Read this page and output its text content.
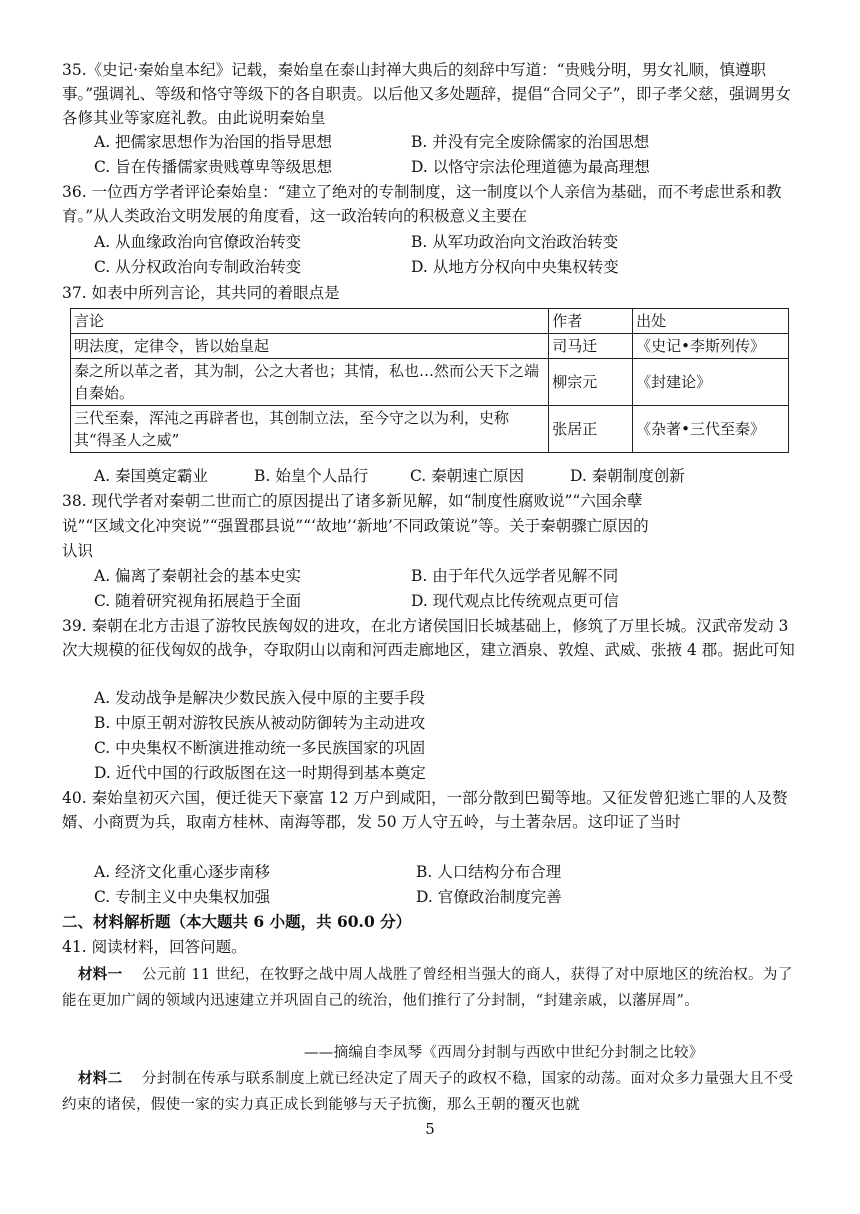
35.《史记·秦始皇本纪》记载，秦始皇在泰山封禅大典后的刻辞中写道：“贵贱分明，男女礼顺，慎遵职事。”强调礼、等级和恪守等级下的各自职责。以后他又多处题辞，提倡“合同父子”，即子孝父慈，强调男女各修其业等家庭礼教。由此说明秦始皇
A. 把儒家思想作为治国的指导思想	B. 并没有完全废除儒家的治国思想
C. 旨在传播儒家贵贱尊卑等级思想	D. 以恪守宗法伦理道德为最高理想
36. 一位西方学者评论秦始皇：“建立了绝对的专制制度，这一制度以个人亲信为基础，而不考虑世系和教育。”从人类政治文明发展的角度看，这一政治转向的积极意义主要在
A. 从血缘政治向官僚政治转变	B. 从军功政治向文治政治转变
C. 从分权政治向专制政治转变	D. 从地方分权向中央集权转变
37. 如表中所列言论，其共同的着眼点是
言论	作者	出处
明法度，定律令，皆以始皇起	司马迁	《史记•李斯列传》
秦之所以革之者，其为制，公之大者也；其情，私也…然而公天下之端自秦始。	柳宗元	《封建论》
三代至秦，浑沌之再辟者也，其创制立法，至今守之以为利，史称其“得圣人之威”	张居正	《杂著•三代至秦》
A. 秦国奠定霸业	B. 始皇个人品行	C. 秦朝速亡原因	D. 秦朝制度创新
38. 现代学者对秦朝二世而亡的原因提出了诸多新见解，如“制度性腐败说”“六国余孽
说”“区域文化冲突说”“强置郡县说”“‘故地’‘新地’不同政策说”等。关于秦朝骤亡原因的
认识
A. 偏离了秦朝社会的基本史实	B. 由于年代久远学者见解不同
C. 随着研究视角拓展趋于全面	D. 现代观点比传统观点更可信
39. 秦朝在北方击退了游牧民族匈奴的进攻，在北方诸侯国旧长城基础上，修筑了万里长城。汉武帝发动 3 次大规模的征伐匈奴的战争，夺取阴山以南和河西走廊地区，建立酒泉、敦煌、武威、张掖 4 郡。据此可知
A. 发动战争是解决少数民族入侵中原的主要手段
B. 中原王朝对游牧民族从被动防御转为主动进攻
C. 中央集权不断演进推动统一多民族国家的巩固
D. 近代中国的行政版图在这一时期得到基本奠定
40. 秦始皇初灭六国，便迁徙天下豪富 12 万户到咸阳，一部分散到巴蜀等地。又征发曾犯逃亡罪的人及赘婿、小商贾为兵，取南方桂林、南海等郡，发 50 万人守五岭，与土著杂居。这印证了当时
A. 经济文化重心逐步南移	B. 人口结构分布合理
C. 专制主义中央集权加强	D. 官僚政治制度完善
二、材料解析题（本大题共 6 小题，共 60.0 分）
41. 阅读材料，回答问题。
材料一 公元前 11 世纪，在牧野之战中周人战胜了曾经相当强大的商人，获得了对中原地区的统治权。为了能在更加广阔的领域内迅速建立并巩固自己的统治，他们推行了分封制，“封建亲戚，以藩屏周”。
——摘编自李凤琴《西周分封制与西欧中世纪分封制之比较》
材料二 分封制在传承与联系制度上就已经决定了周天子的政权不稳，国家的动荡。面对众多力量强大且不受约束的诸侯，假使一家的实力真正成长到能够与天子抗衡，那么王朝的覆灭也就
5
